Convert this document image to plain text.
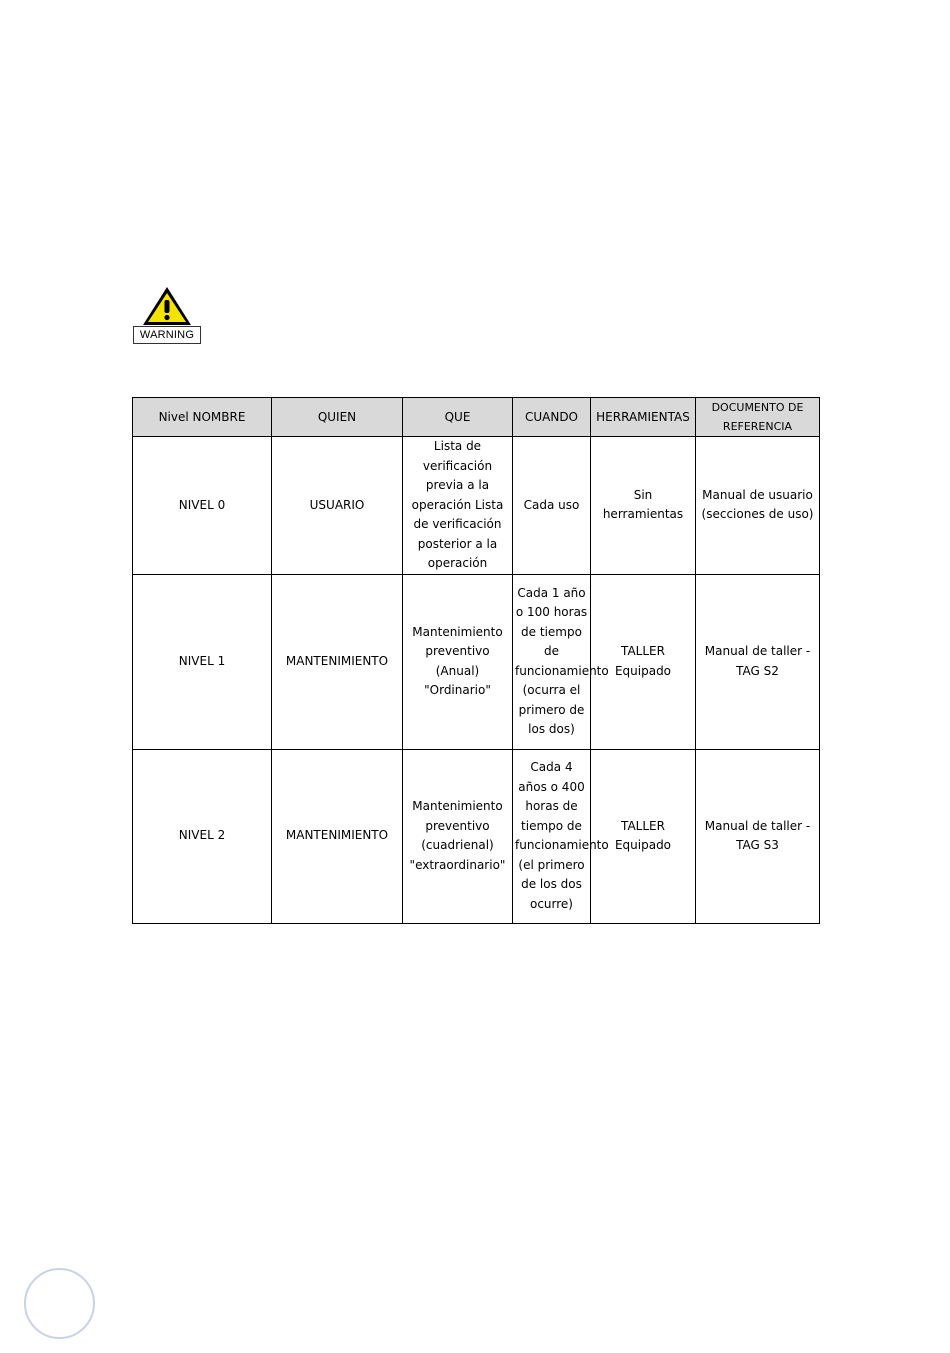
WARNING
Nivel NOMBRE	QUIEN	QUE	CUANDO	HERRAMIENTAS	DOCUMENTO DE REFERENCIA
NIVEL 0	USUARIO	Lista de verificación previa a la operación Lista de verificación posterior a la operación	Cada uso	Sin herramientas	Manual de usuario (secciones de uso)
NIVEL 1	MANTENIMIENTO	Mantenimiento preventivo (Anual) "Ordinario"	Cada 1 año o 100 horas de tiempo de funcionamiento (ocurra el primero de los dos)	TALLER Equipado	Manual de taller - TAG S2
NIVEL 2	MANTENIMIENTO	Mantenimiento preventivo (cuadrienal) "extraordinario"	Cada 4 años o 400 horas de tiempo de funcionamiento (el primero de los dos ocurre)	TALLER Equipado	Manual de taller - TAG S3
